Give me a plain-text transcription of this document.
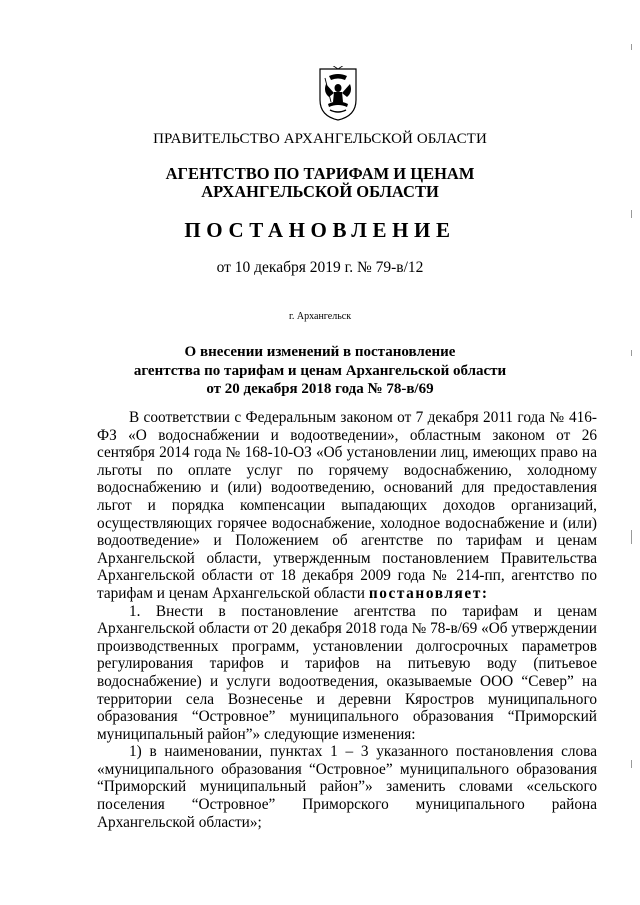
ПРАВИТЕЛЬСТВО АРХАНГЕЛЬСКОЙ ОБЛАСТИ
АГЕНТСТВО ПО ТАРИФАМ И ЦЕНАМ
АРХАНГЕЛЬСКОЙ ОБЛАСТИ
ПОСТАНОВЛЕНИЕ
от 10 декабря 2019 г. № 79-в/12
г. Архангельск
О внесении изменений в постановление
агентства по тарифам и ценам Архангельской области
от 20 декабря 2018 года № 78-в/69

В соответствии с Федеральным законом от 7 декабря 2011 года № 416-ФЗ «О водоснабжении и водоотведении», областным законом от 26 сентября 2014 года № 168-10-ОЗ «Об установлении лиц, имеющих право на льготы по оплате услуг по горячему водоснабжению, холодному водоснабжению и (или) водоотведению, оснований для предоставления льгот и порядка компенсации выпадающих доходов организаций, осуществляющих горячее водоснабжение, холодное водоснабжение и (или) водоотведение» и Положением об агентстве по тарифам и ценам Архангельской области, утвержденным постановлением Правительства Архангельской области от 18 декабря 2009 года № 214-пп, агентство по тарифам и ценам Архангельской области постановляет:

1. Внести в постановление агентства по тарифам и ценам Архангельской области от 20 декабря 2018 года № 78-в/69 «Об утверждении производственных программ, установлении долгосрочных параметров регулирования тарифов и тарифов на питьевую воду (питьевое водоснабжение) и услуги водоотведения, оказываемые ООО “Север” на территории села Вознесенье и деревни Кяростров муниципального образования “Островное” муниципального образования “Приморский муниципальный район”» следующие изменения:

1) в наименовании, пунктах 1 – 3 указанного постановления слова «муниципального образования “Островное” муниципального образования “Приморский муниципальный район”» заменить словами «сельского поселения “Островное” Приморского муниципального района Архангельской области»;
